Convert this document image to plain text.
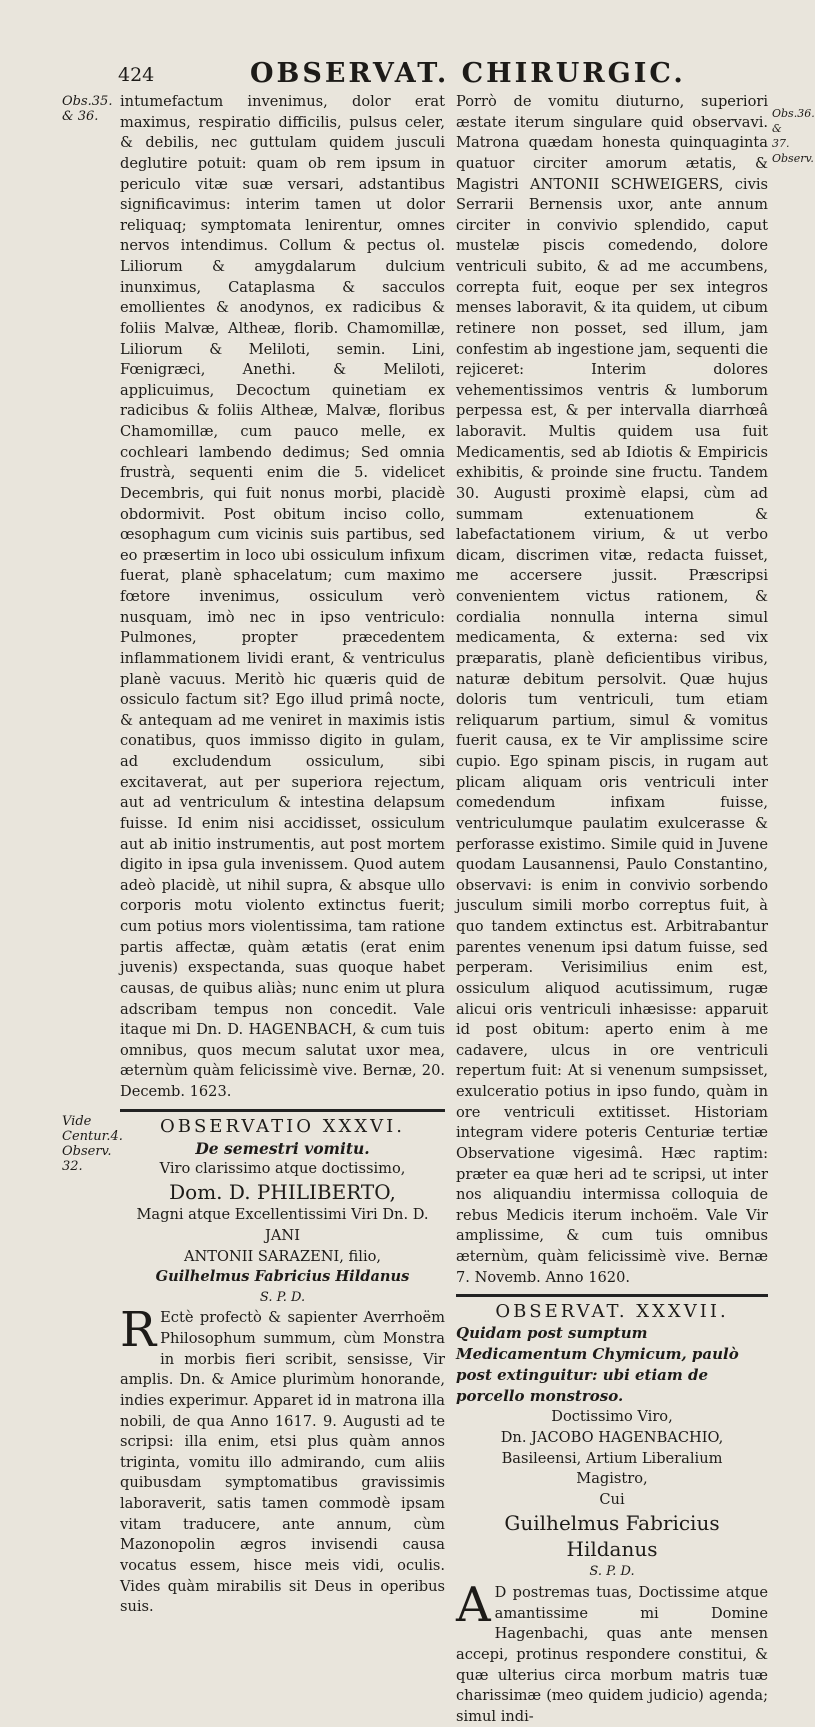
424	OBSERVAT. CHIRURGIC.
Obs.35. & 36.	Obs.36. & 37. Observ.
Vide Centur.4. Observ. 32.

intumefactum invenimus, dolor erat maximus, respiratio difficilis, pulsus celer, & debilis, nec guttulam quidem jusculi deglutire potuit: quam ob rem ipsum in periculo vitæ suæ versari, adstantibus significavimus: interim tamen ut dolor reliquaq; symptomata lenirentur, omnes nervos intendimus. Collum & pectus ol. Liliorum & amygdalarum dulcium inunximus, Cataplasma & sacculos emollientes & anodynos, ex radicibus & foliis Malvæ, Altheæ, florib. Chamomillæ, Liliorum & Meliloti, semin. Lini, Fœnigræci, Anethi. & Meliloti, applicuimus, Decoctum quinetiam ex radicibus & foliis Altheæ, Malvæ, floribus Chamomillæ, cum pauco melle, ex cochleari lambendo dedimus; Sed omnia frustrà, sequenti enim die 5. videlicet Decembris, qui fuit nonus morbi, placidè obdormivit. Post obitum inciso collo, œsophagum cum vicinis suis partibus, sed eo præsertim in loco ubi ossiculum infixum fuerat, planè sphacelatum; cum maximo fœtore invenimus, ossiculum verò nusquam, imò nec in ipso ventriculo: Pulmones, propter præcedentem inflammationem lividi erant, & ventriculus planè vacuus. Meritò hic quæris quid de ossiculo factum sit? Ego illud primâ nocte, & antequam ad me veniret in maximis istis conatibus, quos immisso digito in gulam, ad excludendum ossiculum, sibi excitaverat, aut per superiora rejectum, aut ad ventriculum & intestina delapsum fuisse. Id enim nisi accidisset, ossiculum aut ab initio instrumentis, aut post mortem digito in ipsa gula invenissem. Quod autem adeò placidè, ut nihil supra, & absque ullo corporis motu violento extinctus fuerit; cum potius mors violentissima, tam ratione partis affectæ, quàm ætatis (erat enim juvenis) exspectanda, suas quoque habet causas, de quibus aliàs; nunc enim ut plura adscribam tempus non concedit. Vale itaque mi Dn. D. HAGENBACH, & cum tuis omnibus, quos mecum salutat uxor mea, æternùm quàm felicissimè vive. Bernæ, 20. Decemb. 1623.

OBSERVATIO XXXVI.

De semestri vomitu.

Viro clarissimo atque doctissimo,

Dom. D. PHILIBERTO,

Magni atque Excellentissimi Viri Dn. D. JANI

ANTONII SARAZENI, filio,

Guilhelmus Fabricius Hildanus

S. P. D.

R Ectè profectò & sapienter Averrhoëm Philosophum summum, cùm Monstra in morbis fieri scribit, sensisse, Vir amplis. Dn. & Amice plurimùm honorande, indies experimur. Apparet id in matrona illa nobili, de qua Anno 1617. 9. Augusti ad te scripsi: illa enim, etsi plus quàm annos triginta, vomitu illo admirando, cum aliis quibusdam symptomatibus gravissimis laboraverit, satis tamen commodè ipsam vitam traducere, ante annum, cùm Mazonopolin ægros invisendi causa vocatus essem, hisce meis vidi, oculis. Vides quàm mirabilis sit Deus in operibus suis.

Porrò de vomitu diuturno, superiori æstate iterum singulare quid observavi. Matrona quædam honesta quinquaginta quatuor circiter amorum ætatis, & Magistri ANTONII SCHWEIGERS, civis Serrarii Bernensis uxor, ante annum circiter in convivio splendido, caput mustelæ piscis comedendo, dolore ventriculi subito, & ad me accumbens, correpta fuit, eoque per sex integros menses laboravit, & ita quidem, ut cibum retinere non posset, sed illum, jam confestim ab ingestione jam, sequenti die rejiceret: Interim dolores vehementissimos ventris & lumborum perpessa est, & per intervalla diarrhœâ laboravit. Multis quidem usa fuit Medicamentis, sed ab Idiotis & Empiricis exhibitis, & proinde sine fructu. Tandem 30. Augusti proximè elapsi, cùm ad summam extenuationem & labefactationem virium, & ut verbo dicam, discrimen vitæ, redacta fuisset, me accersere jussit. Præscripsi convenientem victus rationem, & cordialia nonnulla interna simul medicamenta, & externa: sed vix præparatis, planè deficientibus viribus, naturæ debitum persolvit. Quæ hujus doloris tum ventriculi, tum etiam reliquarum partium, simul & vomitus fuerit causa, ex te Vir amplissime scire cupio. Ego spinam piscis, in rugam aut plicam aliquam oris ventriculi inter comedendum infixam fuisse, ventriculumque paulatim exulcerasse & perforasse existimo. Simile quid in Juvene quodam Lausannensi, Paulo Constantino, observavi: is enim in convivio sorbendo jusculum simili morbo correptus fuit, à quo tandem extinctus est. Arbitrabantur parentes venenum ipsi datum fuisse, sed perperam. Verisimilius enim est, ossiculum aliquod acutissimum, rugæ alicui oris ventriculi inhæsisse: apparuit id post obitum: aperto enim à me cadavere, ulcus in ore ventriculi repertum fuit: At si venenum sumpsisset, exulceratio potius in ipso fundo, quàm in ore ventriculi extitisset. Historiam integram videre poteris Centuriæ tertiæ Observatione vigesimâ. Hæc raptim: præter ea quæ heri ad te scripsi, ut inter nos aliquandiu intermissa colloquia de rebus Medicis iterum inchoëm. Vale Vir amplissime, & cum tuis omnibus æternùm, quàm felicissimè vive. Bernæ 7. Novemb. Anno 1620.

OBSERVAT. XXXVII.

Quidam post sumptum Medicamentum Chymicum, paulò post extinguitur: ubi etiam de porcello monstroso.

Doctissimo Viro,

Dn. JACOBO HAGENBACHIO,

Basileensi, Artium Liberalium

Magistro,

Cui

Guilhelmus Fabricius Hildanus

S. P. D.

A D postremas tuas, Doctissime atque amantissime mi Domine Hagenbachi, quas ante mensen accepi, protinus respondere constitui, & quæ ulterius circa morbum matris tuæ charissimæ (meo quidem judicio) agenda; simul indi-
